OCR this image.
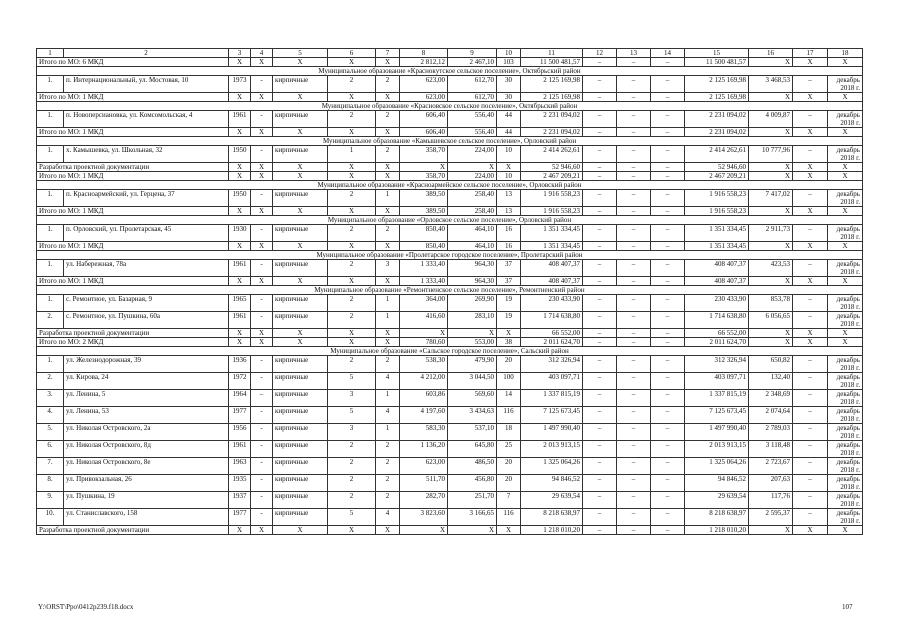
1	2	3	4	5	6	7	8	9	10	11	12	13	14	15	16	17	18
Итого по МО: 6 МКД		X	X	X	X	X	2 812,12	2 467,10	103	11 500 481,57	–	–	–	11 500 481,57	X	X	X
Муниципальное образование «Краснокутское сельское поселение», Октябрьский район																	
1.	п. Интернациональный, ул. Мостовая, 10	1973	-	кирпичные	2	2	623,00	612,70	30	2 125 169,98	–	–	–	2 125 169,98	3 468,53	–	декабрь 2018 г.
Итого по МО: 1 МКД		X	X	X	X	X	623,00	612,70	30	2 125 169,98	–	–	–	2 125 169,98	X	X	X
Муниципальное образование «Красновское сельское поселение», Октябрьский район																	
1.	п. Новоперсиановка, ул. Комсомольская, 4	1961	-	кирпичные	2	2	606,40	556,40	44	2 231 094,02	–	–	–	2 231 094,02	4 009,87	–	декабрь 2018 г.
Итого по МО: 1 МКД		X	X	X	X	X	606,40	556,40	44	2 231 094,02	–	–	–	2 231 094,02	X	X	X
Муниципальное образование «Камышевское сельское поселение», Орловский район																	
1.	х. Камышевка, ул. Школьная, 32	1950	-	кирпичные	1	2	358,70	224,00	10	2 414 262,61	–	–	–	2 414 262,61	10 777,96	–	декабрь 2018 г.
Разработка проектной документации		X	X	X	X	X	X	X	X	52 946,60	–	–	–	52 946,60	X	X	X
Итого по МО: 1 МКД		X	X	X	X	X	358,70	224,00	10	2 467 209,21	–	–	–	2 467 209,21	X	X	X
Муниципальное образование «Красноармейское сельское поселение», Орловский район																	
1.	п. Красноармейский, ул. Герцена, 37	1950	-	кирпичные	2	1	389,50	258,40	13	1 916 558,23	–	–	–	1 916 558,23	7 417,02	–	декабрь 2018 г.
Итого по МО: 1 МКД		X	X	X	X	X	389,50	258,40	13	1 916 558,23	–	–	–	1 916 558,23	X	X	X
Муниципальное образование «Орловское сельское поселение», Орловский район																	
1.	п. Орловский, ул. Пролетарская, 45	1930	-	кирпичные	2	2	850,40	464,10	16	1 351 334,45	–	–	–	1 351 334,45	2 911,73	–	декабрь 2018 г.
Итого по МО: 1 МКД		X	X	X	X	X	850,40	464,10	16	1 351 334,45	–	–	–	1 351 334,45	X	X	X
Муниципальное образование «Пролетарское городское поселение», Пролетарский район																	
1.	ул. Набережная, 78а	1961	-	кирпичные	2	3	1 333,40	964,30	37	408 407,37	–	–	–	408 407,37	423,53	–	декабрь 2018 г.
Итого по МО: 1 МКД		X	X	X	X	X	1 333,40	964,30	37	408 407,37	–	–	–	408 407,37	X	X	X
Муниципальное образование «Ремонтненское сельское поселение», Ремонтненский район																	
1.	с. Ремонтное, ул. Базарная, 9	1965	-	кирпичные	2	1	364,00	269,90	19	230 433,90	–	–	–	230 433,90	853,78	–	декабрь 2018 г.
2.	с. Ремонтное, ул. Пушкина, 60а	1961	-	кирпичные	2	1	416,60	283,10	19	1 714 638,80	–	–	–	1 714 638,80	6 056,65	–	декабрь 2018 г.
Разработка проектной документации		X	X	X	X	X	X	X	X	66 552,00	–	–	–	66 552,00	X	X	X
Итого по МО: 2 МКД		X	X	X	X	X	780,60	553,00	38	2 011 624,70	–	–	–	2 011 624,70	X	X	X
Муниципальное образование «Сальское городское поселение», Сальский район																	
1.	ул. Железнодорожная, 39	1936	-	кирпичные	2	2	538,30	479,90	20	312 326,94	–	–	–	312 326,94	650,82	–	декабрь 2018 г.
2.	ул. Кирова, 24	1972	-	кирпичные	5	4	4 212,00	3 044,50	100	403 097,71	–	–	–	403 097,71	132,40	–	декабрь 2018 г.
3.	ул. Ленина, 5	1964	–	кирпичные	3	1	603,86	569,60	14	1 337 815,19	–	–	–	1 337 815,19	2 348,69	–	декабрь 2018 г.
4.	ул. Ленина, 53	1977	-	кирпичные	5	4	4 197,60	3 434,63	116	7 125 673,45	–	–	–	7 125 673,45	2 074,64	–	декабрь 2018 г.
5.	ул. Николая Островского, 2а	1956	-	кирпичные	3	1	583,30	537,10	18	1 497 990,40	–	–	–	1 497 990,40	2 789,03	–	декабрь 2018 г.
6.	ул. Николая Островского, 8д	1961	-	кирпичные	2	2	1 136,20	645,80	25	2 013 913,15	–	–	–	2 013 913,15	3 118,48	–	декабрь 2018 г.
7.	ул. Николая Островского, 8е	1963	-	кирпичные	2	2	623,00	486,50	20	1 325 064,26	–	–	–	1 325 064,26	2 723,67	–	декабрь 2018 г.
8.	ул. Привокзальная, 26	1935	-	кирпичные	2	2	511,70	456,80	20	94 846,52	–	–	–	94 846,52	207,63	–	декабрь 2018 г.
9.	ул. Пушкина, 19	1937	-	кирпичные	2	2	282,70	251,70	7	29 639,54	–	–	–	29 639,54	117,76	–	декабрь 2018 г.
10.	ул. Станиславского, 158	1977	-	кирпичные	5	4	3 823,60	3 166,65	116	8 218 638,97	–	–	–	8 218 638,97	2 595,37	–	декабрь 2018 г.
Разработка проектной документации		X	X	X	X	X	X	X	X	1 218 010,20	–	–	–	1 218 010,20	X	X	X
Y:\ORST\Ppo\0412p239.f18.docx	107
